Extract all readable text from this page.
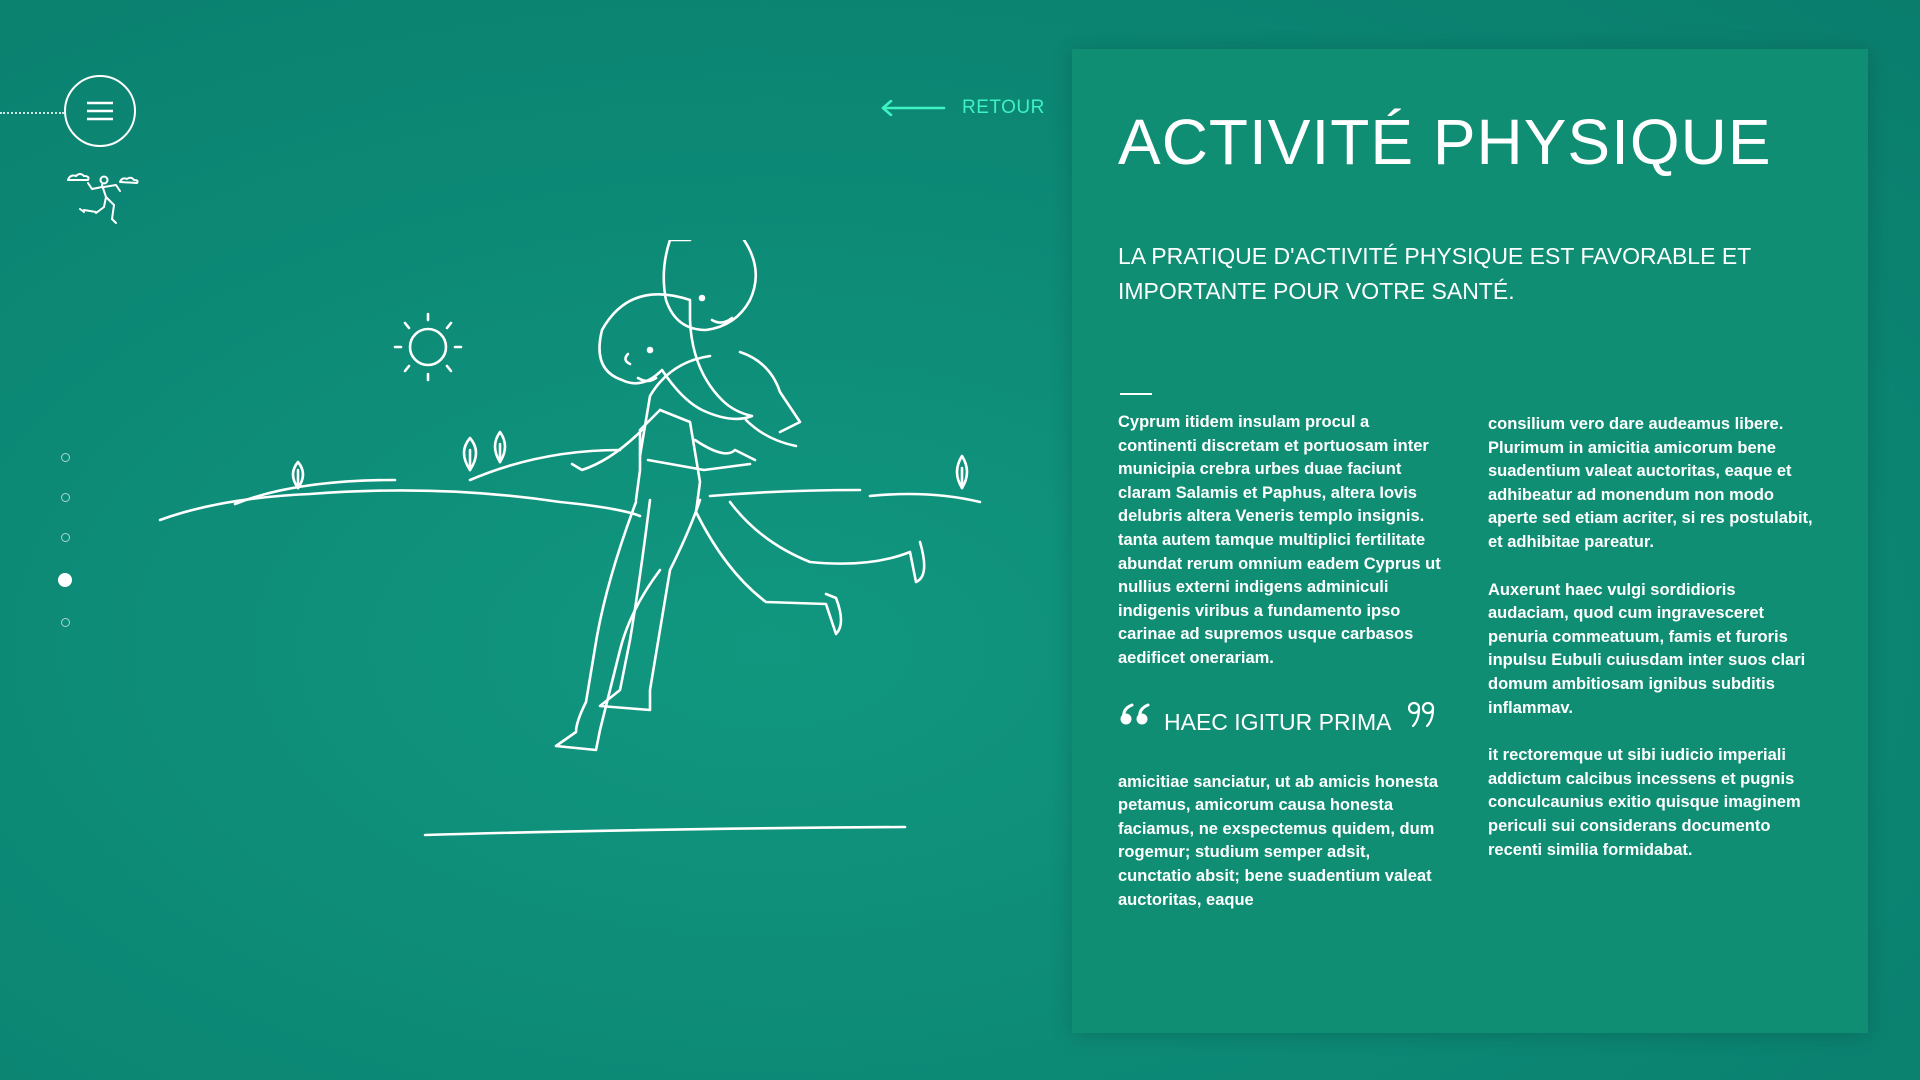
RETOUR ACTIVITÉ PHYSIQUE
LA PRATIQUE D'ACTIVITÉ PHYSIQUE EST FAVORABLE ET IMPORTANTE POUR VOTRE SANTÉ.

Cyprum itidem insulam procul a continenti discretam et portuosam inter municipia crebra urbes duae faciunt claram Salamis et Paphus, altera Iovis delubris altera Veneris templo insignis. tanta autem tamque multiplici fertilitate abundat rerum omnium eadem Cyprus ut nullius externi indigens adminiculi indigenis viribus a fundamento ipso carinae ad supremos usque carbasos aedificet onerariam.

HAEC IGITUR PRIMA

amicitiae sanciatur, ut ab amicis honesta petamus, amicorum causa honesta faciamus, ne exspectemus quidem, dum rogemur; studium semper adsit, cunctatio absit; bene suadentium valeat auctoritas, eaque

consilium vero dare audeamus libere. Plurimum in amicitia amicorum bene suadentium valeat auctoritas, eaque et adhibeatur ad monendum non modo aperte sed etiam acriter, si res postulabit, et adhibitae pareatur.

Auxerunt haec vulgi sordidioris audaciam, quod cum ingravesceret penuria commeatuum, famis et furoris inpulsu Eubuli cuiusdam inter suos clari domum ambitiosam ignibus subditis inflammav.

it rectoremque ut sibi iudicio imperiali addictum calcibus incessens et pugnis conculcaunius exitio quisque imaginem periculi sui considerans documento recenti similia formidabat.
